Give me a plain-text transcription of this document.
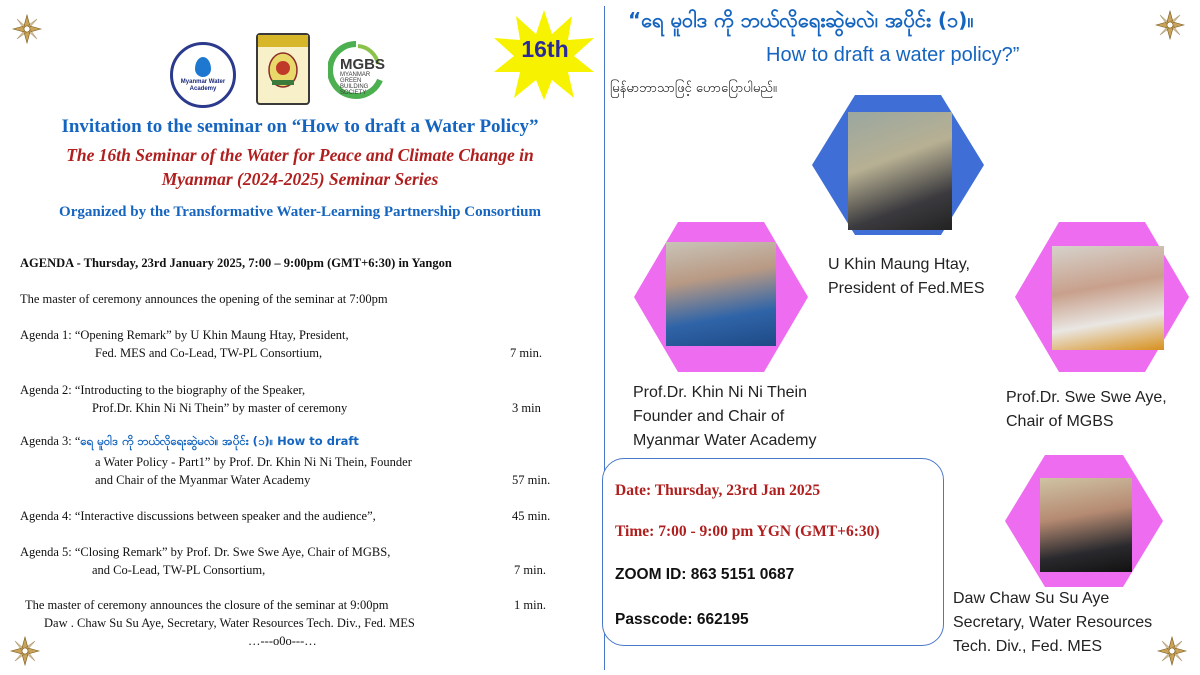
Myanmar Water Academy
MGBS
MYANMAR GREEN BUILDING SOCIETY
16th
Invitation to the seminar on “How to draft a Water Policy”
The 16th Seminar of the Water for Peace and Climate Change in
Myanmar (2024-2025) Seminar Series
Organized by the Transformative Water-Learning Partnership Consortium
AGENDA - Thursday, 23rd January 2025, 7:00 – 9:00pm (GMT+6:30) in Yangon
The master of ceremony announces the opening of the seminar at 7:00pm
Agenda 1: “Opening Remark” by U Khin Maung Htay, President,
Fed. MES and Co-Lead, TW-PL Consortium,	7 min.
Agenda 2: “Introducting to the biography of the Speaker,
Prof.Dr. Khin Ni Ni Thein” by master of ceremony	3 min
Agenda 3: “ရေ မူဝါဒ ကို ဘယ်လိုရေးဆွဲမလဲ။ အပိုင်း (၁)။ How to draft
a Water Policy - Part1” by Prof. Dr. Khin Ni Ni Thein, Founder
and Chair of the Myanmar Water Academy	57 min.
Agenda 4: “Interactive discussions between speaker and the audience”,	45 min.
Agenda 5: “Closing Remark” by Prof. Dr. Swe Swe Aye, Chair of MGBS,
and Co-Lead, TW-PL Consortium,	7 min.
The master of ceremony announces the closure of the seminar at 9:00pm	1 min.
Daw . Chaw Su Su Aye, Secretary, Water Resources Tech. Div., Fed. MES
…---o0o---…
“ရေ မူဝါဒ ကို ဘယ်လိုရေးဆွဲမလဲ၊ အပိုင်း (၁)။
How to draft a water policy?”
မြန်မာဘာသာဖြင့် ဟောပြောပါမည်။
U Khin Maung Htay,
President of Fed.MES
Prof.Dr. Khin Ni Ni Thein
Founder and Chair of
Myanmar Water Academy
Prof.Dr. Swe Swe Aye,
Chair of MGBS
Daw Chaw Su Su Aye
Secretary, Water Resources
Tech. Div., Fed. MES
Date: Thursday, 23rd Jan 2025
Time: 7:00 - 9:00 pm YGN (GMT+6:30)
ZOOM ID: 863 5151 0687
Passcode: 662195
